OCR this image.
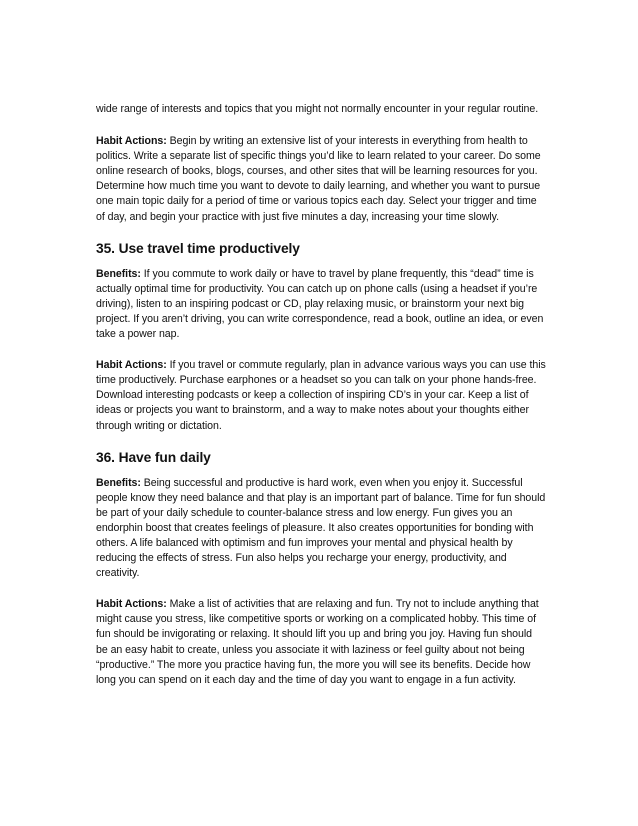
wide range of interests and topics that you might not normally encounter in your regular routine.

Habit Actions: Begin by writing an extensive list of your interests in everything from health to politics. Write a separate list of specific things you’d like to learn related to your career. Do some online research of books, blogs, courses, and other sites that will be learning resources for you. Determine how much time you want to devote to daily learning, and whether you want to pursue one main topic daily for a period of time or various topics each day. Select your trigger and time of day, and begin your practice with just five minutes a day, increasing your time slowly.

35. Use travel time productively

Benefits: If you commute to work daily or have to travel by plane frequently, this “dead” time is actually optimal time for productivity. You can catch up on phone calls (using a headset if you’re driving), listen to an inspiring podcast or CD, play relaxing music, or brainstorm your next big project. If you aren’t driving, you can write correspondence, read a book, outline an idea, or even take a power nap.

Habit Actions: If you travel or commute regularly, plan in advance various ways you can use this time productively. Purchase earphones or a headset so you can talk on your phone hands-free. Download interesting podcasts or keep a collection of inspiring CD’s in your car. Keep a list of ideas or projects you want to brainstorm, and a way to make notes about your thoughts either through writing or dictation.

36. Have fun daily

Benefits: Being successful and productive is hard work, even when you enjoy it. Successful people know they need balance and that play is an important part of balance. Time for fun should be part of your daily schedule to counter-balance stress and low energy. Fun gives you an endorphin boost that creates feelings of pleasure. It also creates opportunities for bonding with others. A life balanced with optimism and fun improves your mental and physical health by reducing the effects of stress. Fun also helps you recharge your energy, productivity, and creativity.

Habit Actions: Make a list of activities that are relaxing and fun. Try not to include anything that might cause you stress, like competitive sports or working on a complicated hobby. This time of fun should be invigorating or relaxing. It should lift you up and bring you joy. Having fun should be an easy habit to create, unless you associate it with laziness or feel guilty about not being “productive.” The more you practice having fun, the more you will see its benefits. Decide how long you can spend on it each day and the time of day you want to engage in a fun activity.
